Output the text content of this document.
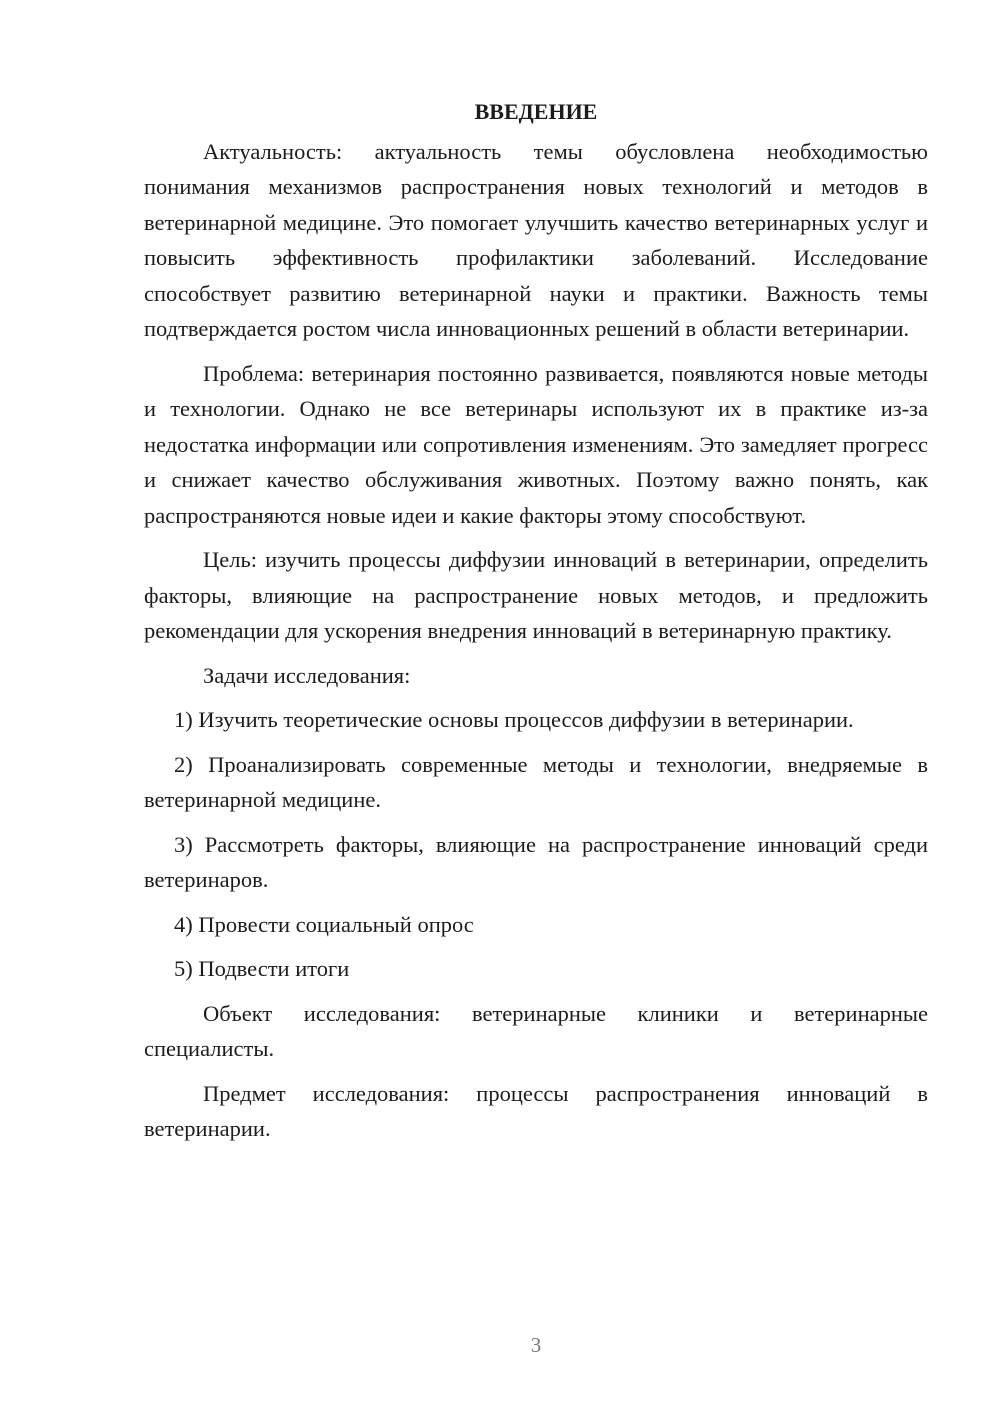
ВВЕДЕНИЕ

Актуальность: актуальность темы обусловлена необходимостью понимания механизмов распространения новых технологий и методов в ветеринарной медицине. Это помогает улучшить качество ветеринарных услуг и повысить эффективность профилактики заболеваний. Исследование способствует развитию ветеринарной науки и практики. Важность темы подтверждается ростом числа инновационных решений в области ветеринарии.

Проблема: ветеринария постоянно развивается, появляются новые методы и технологии. Однако не все ветеринары используют их в практике из-за недостатка информации или сопротивления изменениям. Это замедляет прогресс и снижает качество обслуживания животных. Поэтому важно понять, как распространяются новые идеи и какие факторы этому способствуют.

Цель: изучить процессы диффузии инноваций в ветеринарии, определить факторы, влияющие на распространение новых методов, и предложить рекомендации для ускорения внедрения инноваций в ветеринарную практику.

Задачи исследования:

1) Изучить теоретические основы процессов диффузии в ветеринарии.

2) Проанализировать современные методы и технологии, внедряемые в ветеринарной медицине.

3) Рассмотреть факторы, влияющие на распространение инноваций среди ветеринаров.

4) Провести социальный опрос

5) Подвести итоги

Объект исследования: ветеринарные клиники и ветеринарные специалисты.

Предмет исследования: процессы распространения инноваций в ветеринарии.

3
